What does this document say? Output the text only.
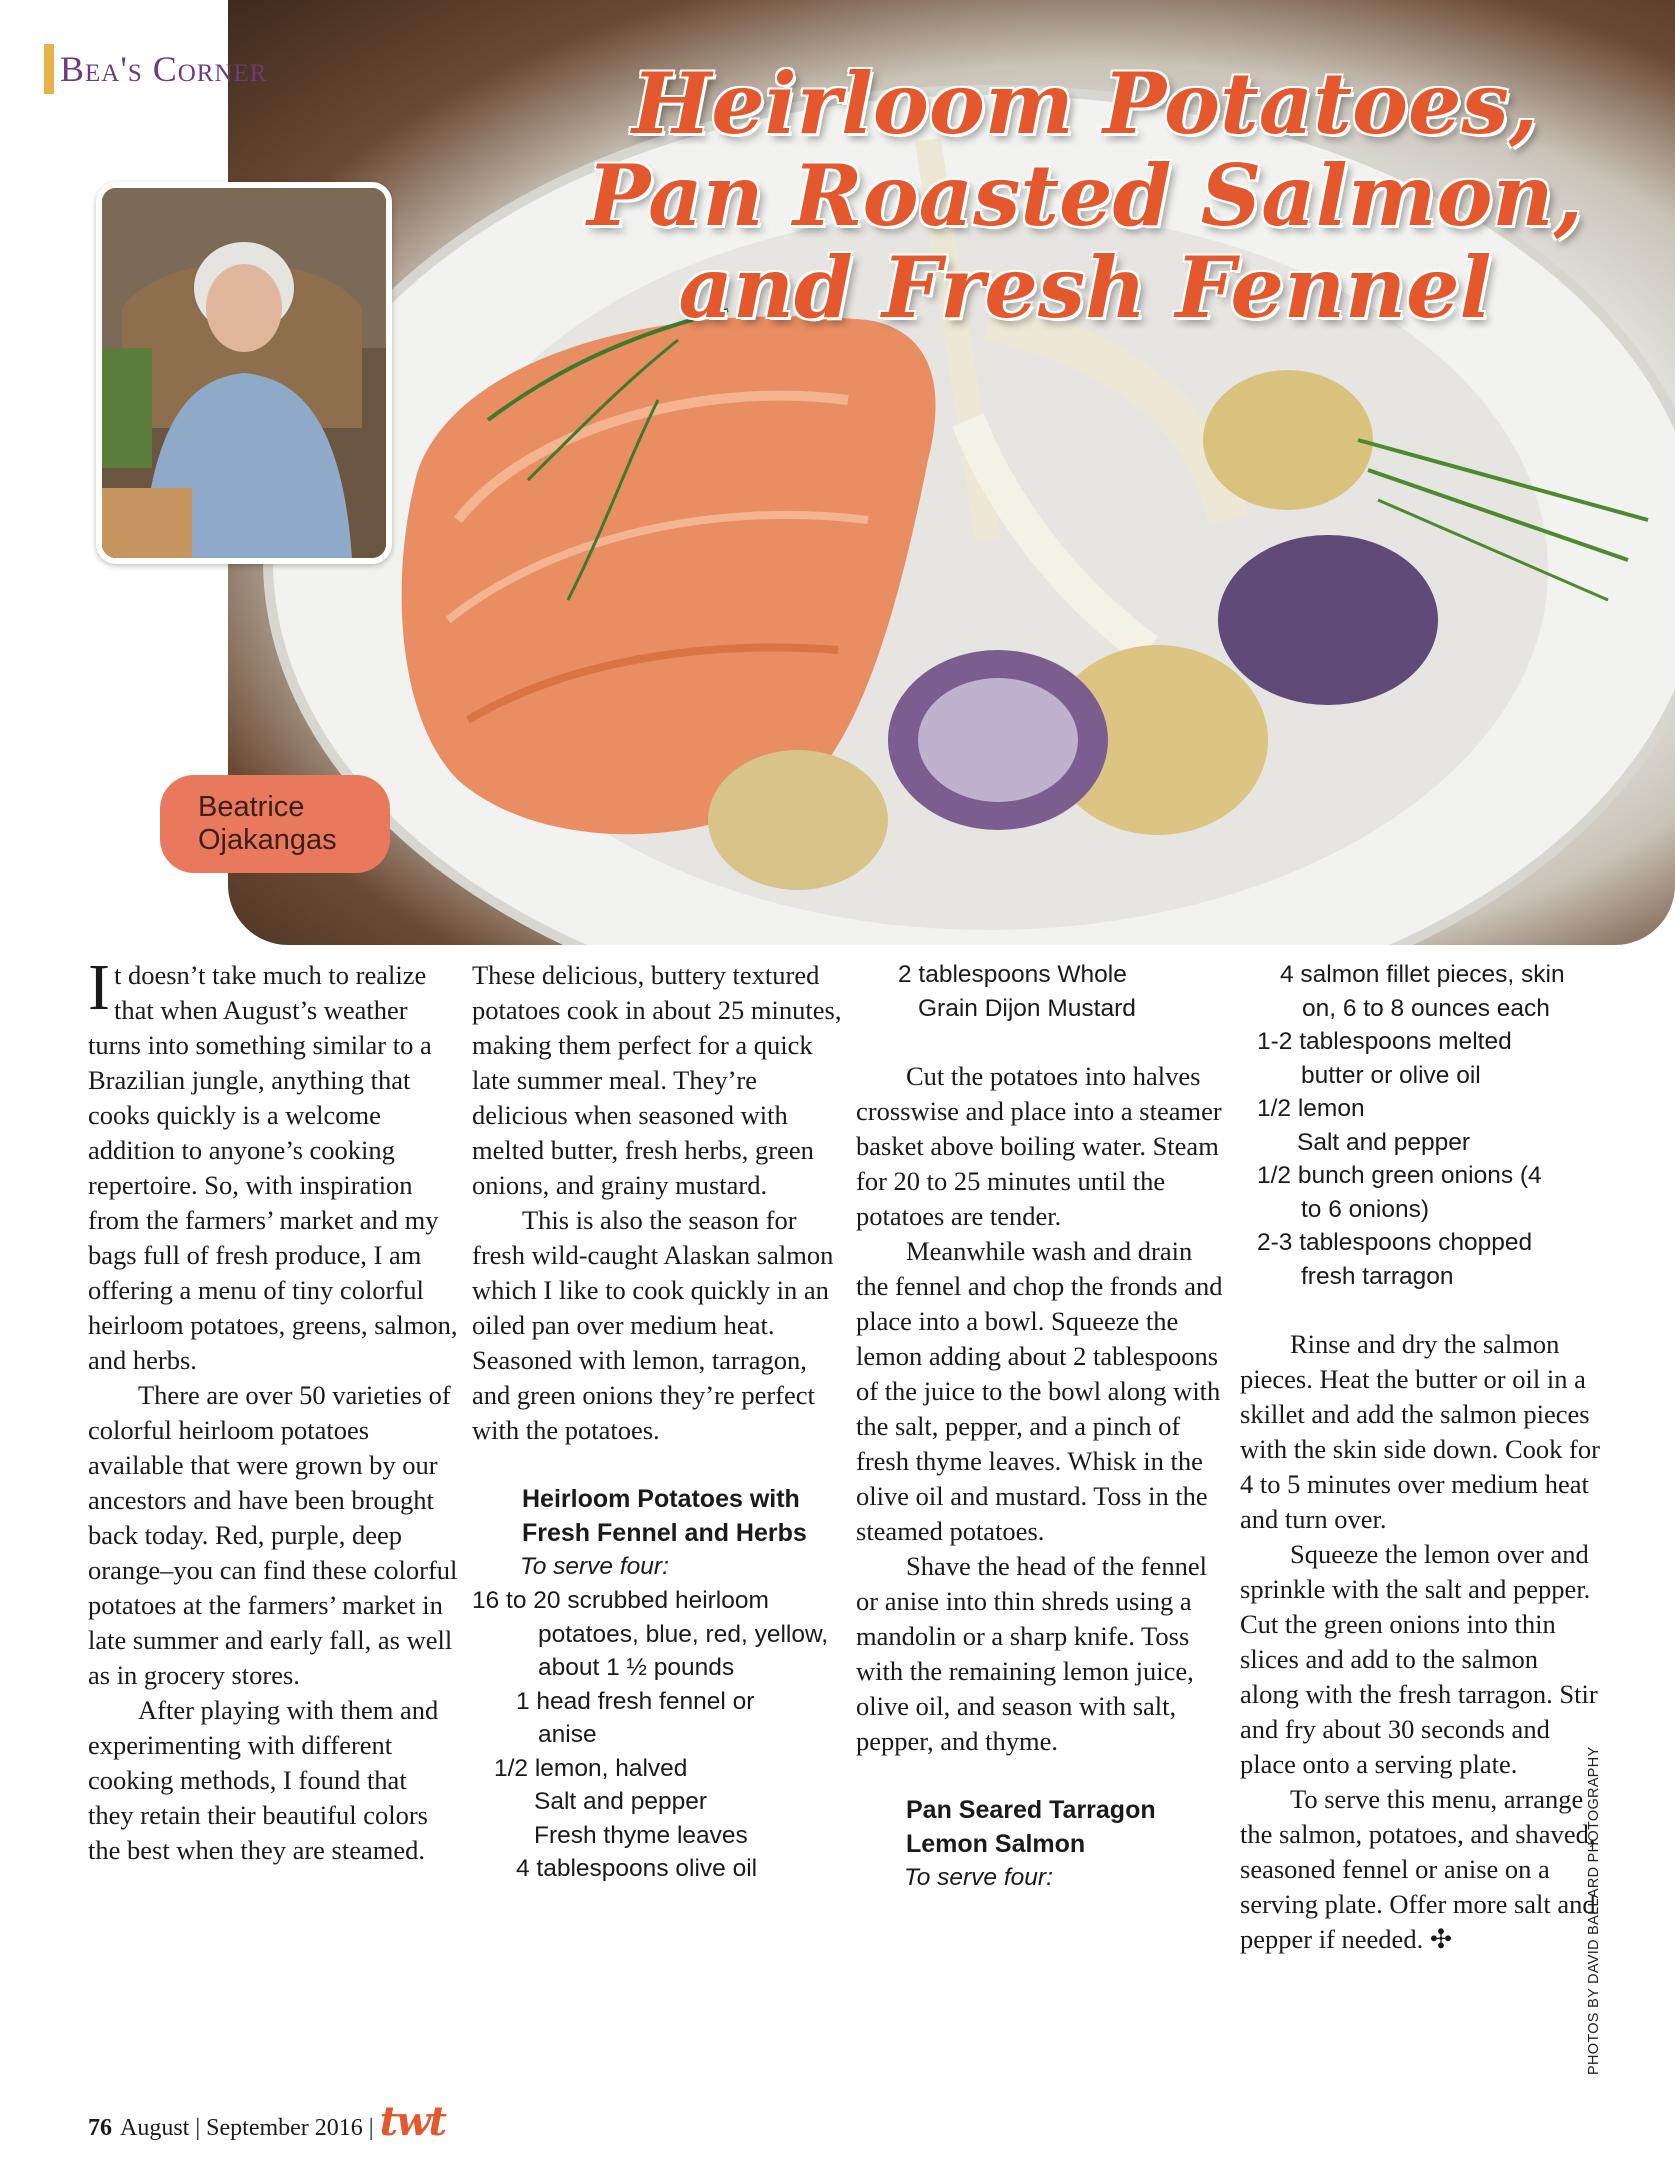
Bea's Corner	Heirloom Potatoes,
Pan Roasted Salmon,
and Fresh Fennel
Beatrice
Ojakangas

It doesn’t take much to realize that when August’s weather turns into something similar to a Brazilian jungle, anything that cooks quickly is a welcome addition to anyone’s cooking repertoire. So, with inspiration from the farmers’ market and my bags full of fresh produce, I am offering a menu of tiny colorful heirloom potatoes, greens, salmon, and herbs.

There are over 50 varieties of colorful heirloom potatoes available that were grown by our ancestors and have been brought back today. Red, purple, deep orange–you can find these colorful potatoes at the farmers’ market in late summer and early fall, as well as in grocery stores.

After playing with them and experimenting with different cooking methods, I found that they retain their beautiful colors the best when they are steamed.

These delicious, buttery textured potatoes cook in about 25 minutes, making them perfect for a quick late summer meal. They’re delicious when seasoned with melted butter, fresh herbs, green onions, and grainy mustard.

This is also the season for fresh wild-caught Alaskan salmon which I like to cook quickly in an oiled pan over medium heat. Seasoned with lemon, tarragon, and green onions they’re perfect with the potatoes.

Heirloom Potatoes with Fresh Fennel and Herbs
To serve four:
16 to 20 scrubbed heirloom
potatoes, blue, red, yellow, about 1 ½ pounds
1 head fresh fennel or
anise
1/2 lemon, halved
Salt and pepper
Fresh thyme leaves
4 tablespoons olive oil
2 tablespoons Whole
Grain Dijon Mustard

Cut the potatoes into halves crosswise and place into a steamer basket above boiling water. Steam for 20 to 25 minutes until the potatoes are tender.

Meanwhile wash and drain the fennel and chop the fronds and place into a bowl. Squeeze the lemon adding about 2 tablespoons of the juice to the bowl along with the salt, pepper, and a pinch of fresh thyme leaves. Whisk in the olive oil and mustard. Toss in the steamed potatoes.

Shave the head of the fennel or anise into thin shreds using a mandolin or a sharp knife. Toss with the remaining lemon juice, olive oil, and season with salt, pepper, and thyme.

Pan Seared Tarragon Lemon Salmon
To serve four:
4 salmon fillet pieces, skin
on, 6 to 8 ounces each
1-2 tablespoons melted
butter or olive oil
1/2 lemon
Salt and pepper
1/2 bunch green onions (4
to 6 onions)
2-3 tablespoons chopped
fresh tarragon

Rinse and dry the salmon pieces. Heat the butter or oil in a skillet and add the salmon pieces with the skin side down. Cook for 4 to 5 minutes over medium heat and turn over.

Squeeze the lemon over and sprinkle with the salt and pepper. Cut the green onions into thin slices and add to the salmon along with the fresh tarragon. Stir and fry about 30 seconds and place onto a serving plate.

To serve this menu, arrange the salmon, potatoes, and shaved, seasoned fennel or anise on a serving plate. Offer more salt and pepper if needed. ✣	PHOTOS BY DAVID BALLARD PHOTOGRAPHY
76 August | September 2016 | twt
